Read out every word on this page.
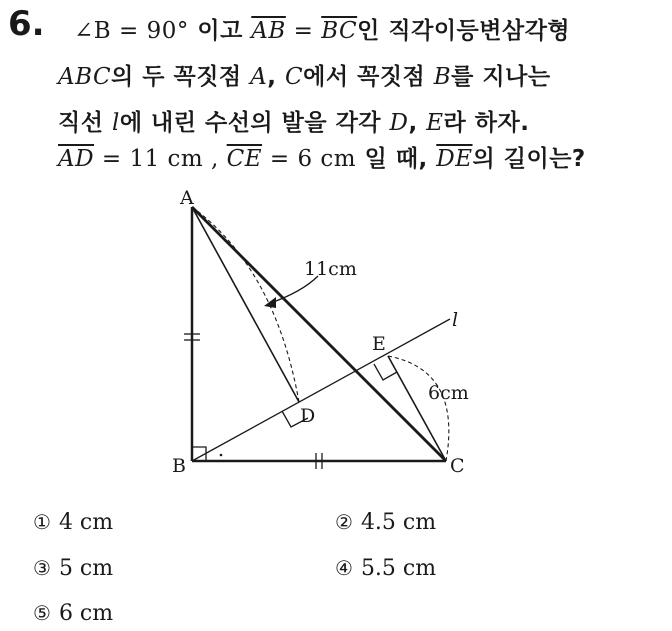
6. ∠B = 90° 이고 $\overline{AB} = \overline{BC}$인 직각이등변삼각형
ABC의 두 꼭짓점 A, C에서 꼭짓점 B를 지나는
직선 l에 내린 수선의 발을 각각 D, E라 하자.
$\overline{AD} = 11$ cm , $\overline{CE} = 6$ cm 일 때, $\overline{DE}$의 길이는?
A
B	C
D
E
l
11cm
6cm
① 4 cm	② 4.5 cm
③ 5 cm	④ 5.5 cm
⑤ 6 cm
